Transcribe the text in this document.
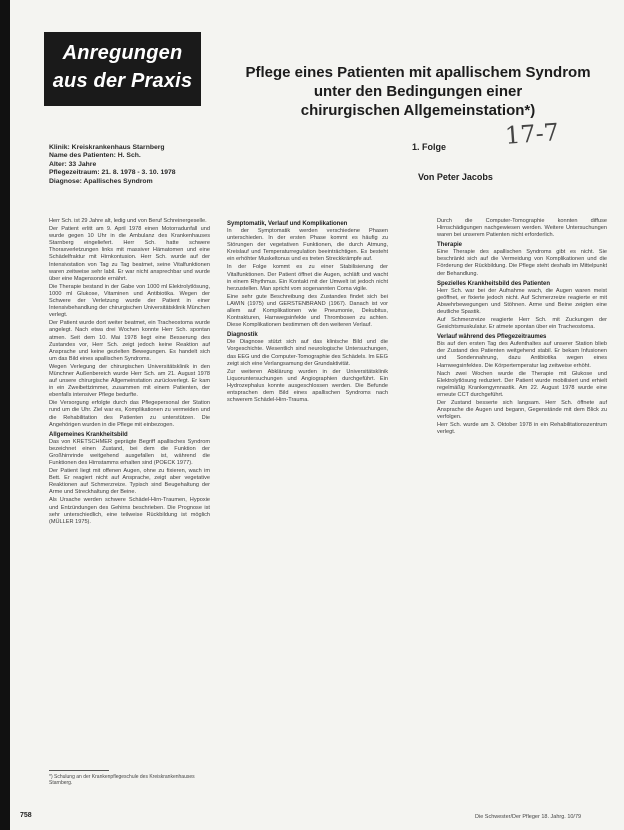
Anregungen
aus der Praxis	Pflege eines Patienten mit apallischem Syndrom
unter den Bedingungen einer
chirurgischen Allgemeinstation*)
1. Folge
Von Peter Jacobs
17-7
Klinik: Kreiskrankenhaus Starnberg
Name des Patienten: H. Sch.
Alter: 33 Jahre
Pflegezeitraum: 21. 8. 1978 - 3. 10. 1978
Diagnose: Apallisches Syndrom

Herr Sch. ist 29 Jahre alt, ledig und von Beruf Schreinergeselle.

Der Patient erlitt am 9. April 1978 einen Motorradunfall und wurde gegen 10 Uhr in die Ambulanz des Krankenhauses Starnberg eingeliefert. Herr Sch. hatte schwere Thoraxverletzungen links mit massiver Hämatomen und eine Schädelfraktur mit Hirnkontusion. Herr Sch. wurde auf der Intensivstation von Tag zu Tag beatmet, seine Vitalfunktionen waren zeitweise sehr labil. Er war nicht ansprechbar und wurde über eine Magensonde ernährt.

Die Therapie bestand in der Gabe von 1000 ml Elektrolytlösung, 1000 ml Glukose, Vitaminen und Antibiotika. Wegen der Schwere der Verletzung wurde der Patient in einer Intensivbehandlung der chirurgischen Universitätsklinik München verlegt.

Der Patient wurde dort weiter beatmet, ein Tracheostoma wurde angelegt. Nach etwa drei Wochen konnte Herr Sch. spontan atmen. Seit dem 10. Mai 1978 liegt eine Besserung des Zustandes vor, Herr Sch. zeigt jedoch keine Reaktion auf Ansprache und keine gezielten Bewegungen. Es handelt sich um das Bild eines apallischen Syndroms.

Wegen Verlegung der chirurgischen Universitätsklinik in den Münchner Außenbereich wurde Herr Sch. am 21. August 1978 auf unsere chirurgische Allgemeinstation zurückverlegt. Er kam in ein Zweibettzimmer, zusammen mit einem Patienten, der ebenfalls intensiver Pflege bedurfte.

Die Versorgung erfolgte durch das Pflegepersonal der Station rund um die Uhr. Ziel war es, Komplikationen zu vermeiden und die Rehabilitation des Patienten zu unterstützen. Die Angehörigen wurden in die Pflege mit einbezogen.

Allgemeines Krankheitsbild

Das von KRETSCHMER geprägte Begriff apallisches Syndrom bezeichnet einen Zustand, bei dem die Funktion der Großhirnrinde weitgehend ausgefallen ist, während die Funktionen des Hirnstamms erhalten sind (POECK 1977).

Der Patient liegt mit offenen Augen, ohne zu fixieren, wach im Bett. Er reagiert nicht auf Ansprache, zeigt aber vegetative Reaktionen auf Schmerzreize. Typisch sind Beugehaltung der Arme und Streckhaltung der Beine.

Als Ursache werden schwere Schädel-Hirn-Traumen, Hypoxie und Entzündungen des Gehirns beschrieben. Die Prognose ist sehr unterschiedlich, eine teilweise Rückbildung ist möglich (MÜLLER 1975).

Symptomatik, Verlauf und Komplikationen

In der Symptomatik werden verschiedene Phasen unterschieden. In der ersten Phase kommt es häufig zu Störungen der vegetativen Funktionen, die durch Atmung, Kreislauf und Temperaturregulation beeinträchtigen. Es besteht ein erhöhter Muskeltonus und es treten Streckkrämpfe auf.

In der Folge kommt es zu einer Stabilisierung der Vitalfunktionen. Der Patient öffnet die Augen, schläft und wacht in einem Rhythmus. Ein Kontakt mit der Umwelt ist jedoch nicht herzustellen. Man spricht vom sogenannten Coma vigile.

Eine sehr gute Beschreibung des Zustandes findet sich bei LAWIN (1975) und GERSTENBRAND (1967). Danach ist vor allem auf Komplikationen wie Pneumonie, Dekubitus, Kontrakturen, Harnwegsinfekte und Thrombosen zu achten. Diese Komplikationen bestimmen oft den weiteren Verlauf.

Diagnostik

Die Diagnose stützt sich auf das klinische Bild und die Vorgeschichte. Wesentlich sind neurologische Untersuchungen, das EEG und die Computer-Tomographie des Schädels. Im EEG zeigt sich eine Verlangsamung der Grundaktivität.

Zur weiteren Abklärung wurden in der Universitätsklinik Liquoruntersuchungen und Angiographien durchgeführt. Ein Hydrozephalus konnte ausgeschlossen werden. Die Befunde entsprachen dem Bild eines apallischen Syndroms nach schwerem Schädel-Hirn-Trauma.

Durch die Computer-Tomographie konnten diffuse Hirnschädigungen nachgewiesen werden. Weitere Untersuchungen waren bei unserem Patienten nicht erforderlich.

Therapie

Eine Therapie des apallischen Syndroms gibt es nicht. Sie beschränkt sich auf die Vermeidung von Komplikationen und die Förderung der Rückbildung. Die Pflege steht deshalb im Mittelpunkt der Behandlung.

Spezielles Krankheitsbild des Patienten

Herr Sch. war bei der Aufnahme wach, die Augen waren meist geöffnet, er fixierte jedoch nicht. Auf Schmerzreize reagierte er mit Abwehrbewegungen und Stöhnen. Arme und Beine zeigten eine deutliche Spastik.

Auf Schmerzreize reagierte Herr Sch. mit Zuckungen der Gesichtsmuskulatur. Er atmete spontan über ein Tracheostoma.

Verlauf während des Pflegezeitraumes

Bis auf den ersten Tag des Aufenthaltes auf unserer Station blieb der Zustand des Patienten weitgehend stabil. Er bekam Infusionen und Sondennahrung, dazu Antibiotika wegen eines Harnwegsinfektes. Die Körpertemperatur lag zeitweise erhöht.

Nach zwei Wochen wurde die Therapie mit Glukose und Elektrolytlösung reduziert. Der Patient wurde mobilisiert und erhielt regelmäßig Krankengymnastik. Am 22. August 1978 wurde eine erneute CCT durchgeführt.

Der Zustand besserte sich langsam. Herr Sch. öffnete auf Ansprache die Augen und begann, Gegenstände mit dem Blick zu verfolgen.

Herr Sch. wurde am 3. Oktober 1978 in ein Rehabilitationszentrum verlegt.

*) Schulung an der Krankenpflegeschule des Kreiskrankenhauses Starnberg.
758	Die Schwester/Der Pfleger 18. Jahrg. 10/79
